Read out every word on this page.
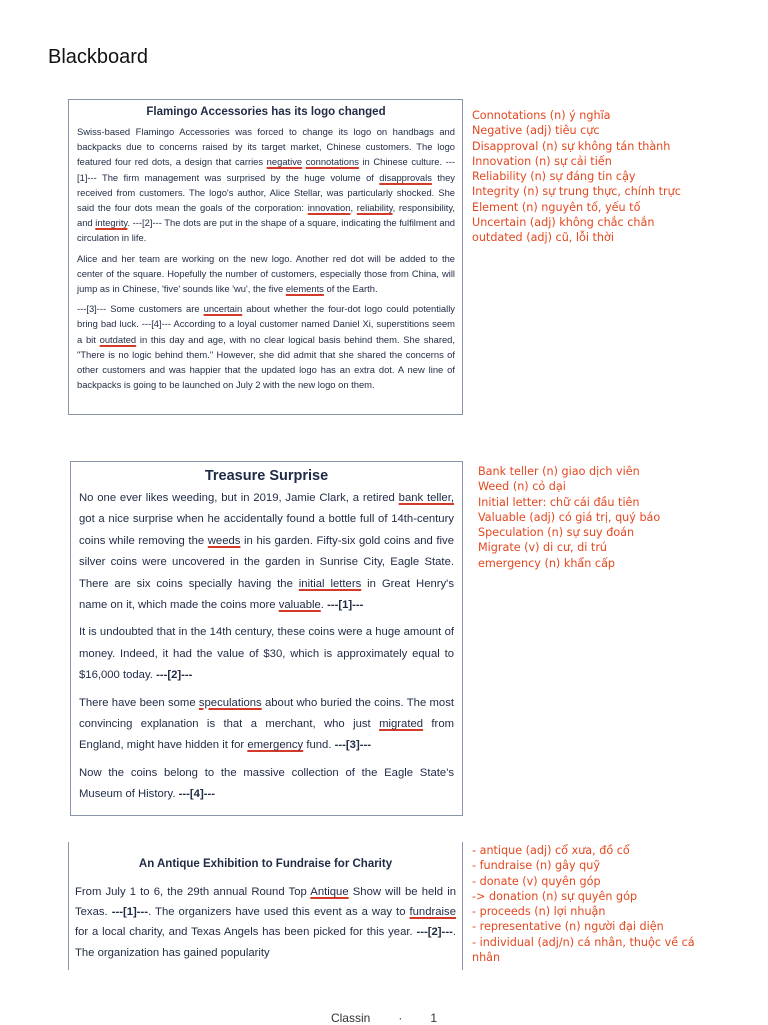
Blackboard
Flamingo Accessories has its logo changed

Swiss-based Flamingo Accessories was forced to change its logo on handbags and backpacks due to concerns raised by its target market, Chinese customers. The logo featured four red dots, a design that carries negative connotations in Chinese culture. ---[1]--- The firm management was surprised by the huge volume of disapprovals they received from customers. The logo's author, Alice Stellar, was particularly shocked. She said the four dots mean the goals of the corporation: innovation, reliability, responsibility, and integrity. ---[2]--- The dots are put in the shape of a square, indicating the fulfilment and circulation in life.

Alice and her team are working on the new logo. Another red dot will be added to the center of the square. Hopefully the number of customers, especially those from China, will jump as in Chinese, 'five' sounds like 'wu', the five elements of the Earth.

---[3]--- Some customers are uncertain about whether the four-dot logo could potentially bring bad luck. ---[4]--- According to a loyal customer named Daniel Xi, superstitions seem a bit outdated in this day and age, with no clear logical basis behind them. She shared, "There is no logic behind them." However, she did admit that she shared the concerns of other customers and was happier that the updated logo has an extra dot. A new line of backpacks is going to be launched on July 2 with the new logo on them.

Connotations (n) ý nghĩa
Negative (adj) tiêu cực
Disapproval (n) sự không tán thành
Innovation (n) sự cải tiến
Reliability (n) sự đáng tin cậy
Integrity (n) sự trung thực, chính trực
Element (n) nguyên tố, yếu tố
Uncertain (adj) không chắc chắn
outdated (adj) cũ, lỗi thời
Treasure Surprise

No one ever likes weeding, but in 2019, Jamie Clark, a retired bank teller, got a nice surprise when he accidentally found a bottle full of 14th-century coins while removing the weeds in his garden. Fifty-six gold coins and five silver coins were uncovered in the garden in Sunrise City, Eagle State. There are six coins specially having the initial letters in Great Henry's name on it, which made the coins more valuable. ---[1]---

It is undoubted that in the 14th century, these coins were a huge amount of money. Indeed, it had the value of $30, which is approximately equal to $16,000 today. ---[2]---

There have been some speculations about who buried the coins. The most convincing explanation is that a merchant, who just migrated from England, might have hidden it for emergency fund. ---[3]---

Now the coins belong to the massive collection of the Eagle State's Museum of History. ---[4]---

Bank teller (n) giao dịch viên
Weed (n) cỏ dại
Initial letter: chữ cái đầu tiên
Valuable (adj) có giá trị, quý báo
Speculation (n) sự suy đoán
Migrate (v) di cư, di trú
emergency (n) khẩn cấp
An Antique Exhibition to Fundraise for Charity

From July 1 to 6, the 29th annual Round Top Antique Show will be held in Texas. ---[1]---. The organizers have used this event as a way to fundraise for a local charity, and Texas Angels has been picked for this year. ---[2]---. The organization has gained popularity

- antique (adj) cổ xưa, đồ cổ
- fundraise (n) gây quỹ
- donate (v) quyên góp
-> donation (n) sự quyên góp
- proceeds (n) lợi nhuận
- representative (n) người đại diện
- individual (adj/n) cá nhân, thuộc về cá nhân
Classin · 1
